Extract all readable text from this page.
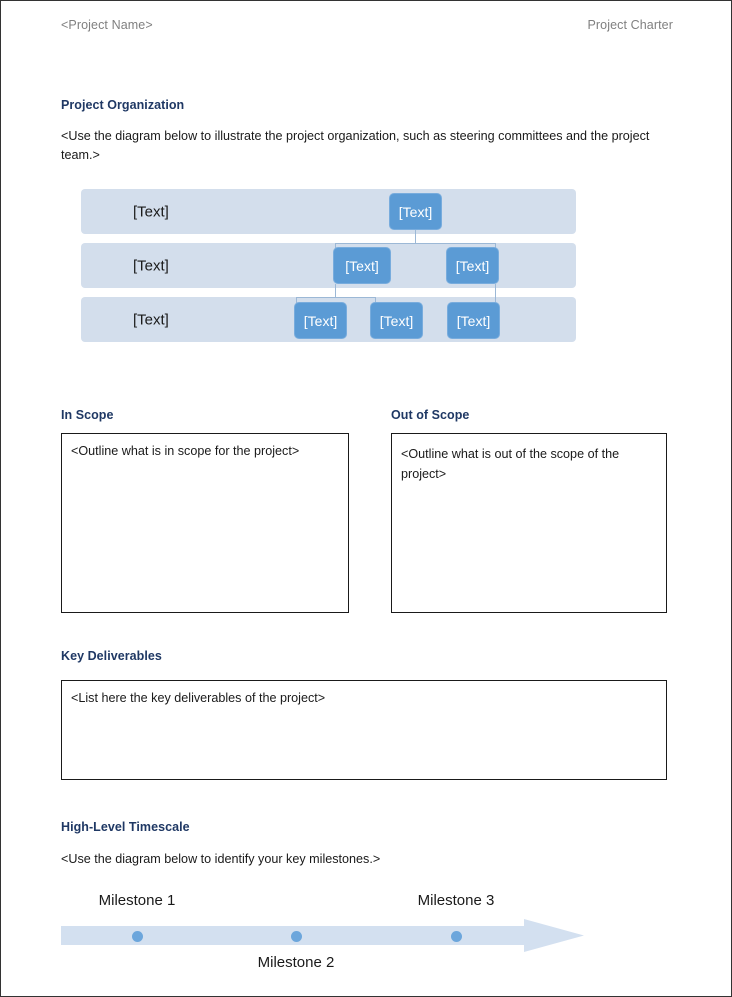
<Project Name>	Project Charter
Project Organization
<Use the diagram below to illustrate the project organization, such as steering committees and the project team.>
[Text]
[Text]
[Text]
[Text]
[Text]	[Text]
[Text]	[Text]	[Text]
In Scope
<Outline what is in scope for the project>
Out of Scope
<Outline what is out of the scope of the project>
Key Deliverables
<List here the key deliverables of the project>
High-Level Timescale
<Use the diagram below to identify your key milestones.>
Milestone 1
Milestone 2
Milestone 3
